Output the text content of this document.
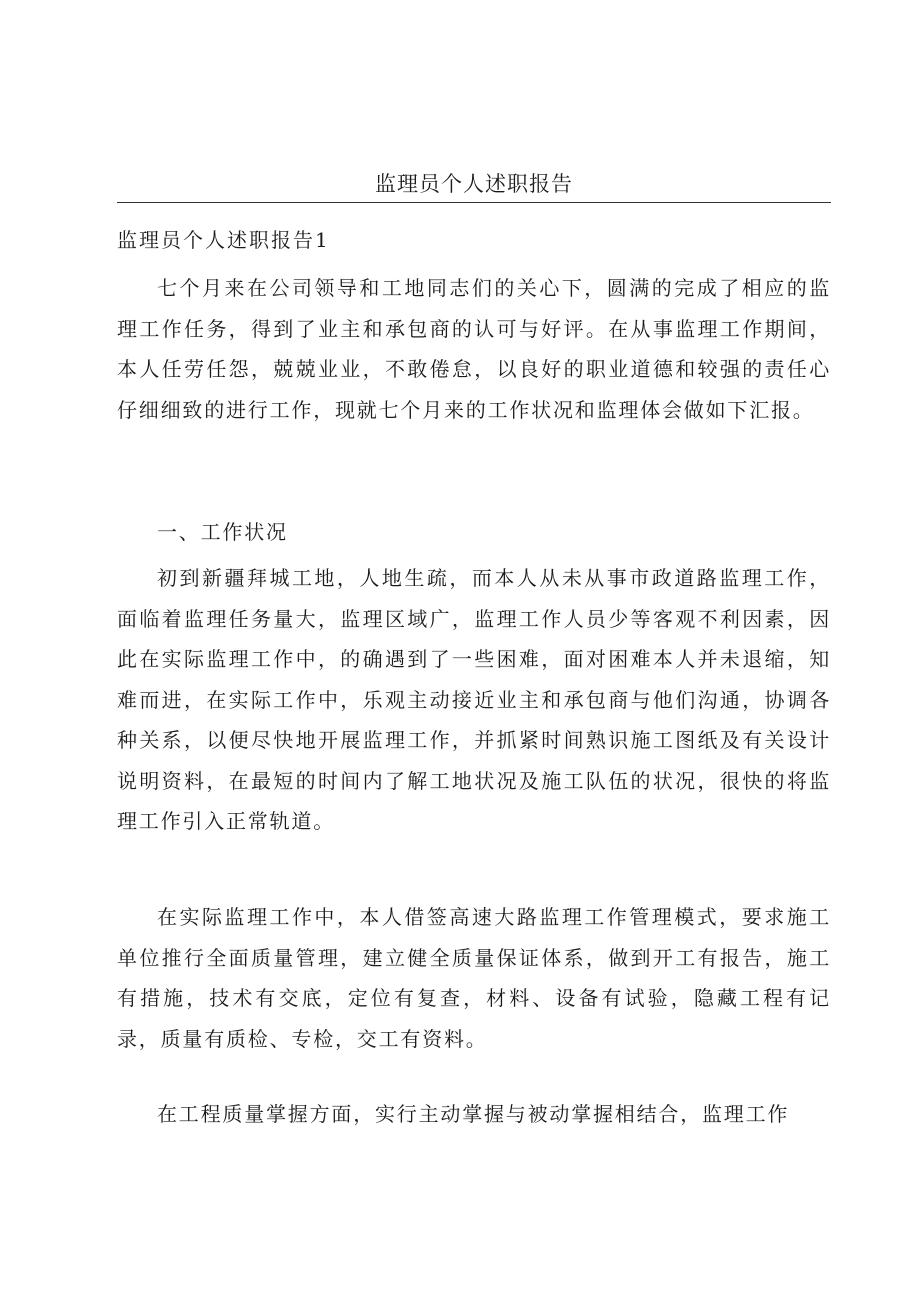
监理员个人述职报告
监理员个人述职报告1

七个月来在公司领导和工地同志们的关心下，圆满的完成了相应的监理工作任务，得到了业主和承包商的认可与好评。在从事监理工作期间，本人任劳任怨，兢兢业业，不敢倦怠，以良好的职业道德和较强的责任心仔细细致的进行工作，现就七个月来的工作状况和监理体会做如下汇报。

一、工作状况

初到新疆拜城工地，人地生疏，而本人从未从事市政道路监理工作，面临着监理任务量大，监理区域广，监理工作人员少等客观不利因素，因此在实际监理工作中，的确遇到了一些困难，面对困难本人并未退缩，知难而进，在实际工作中，乐观主动接近业主和承包商与他们沟通，协调各种关系，以便尽快地开展监理工作，并抓紧时间熟识施工图纸及有关设计说明资料，在最短的时间内了解工地状况及施工队伍的状况，很快的将监理工作引入正常轨道。

在实际监理工作中，本人借签高速大路监理工作管理模式，要求施工单位推行全面质量管理，建立健全质量保证体系，做到开工有报告，施工有措施，技术有交底，定位有复查，材料、设备有试验，隐藏工程有记录，质量有质检、专检，交工有资料。

在工程质量掌握方面，实行主动掌握与被动掌握相结合，监理工作
